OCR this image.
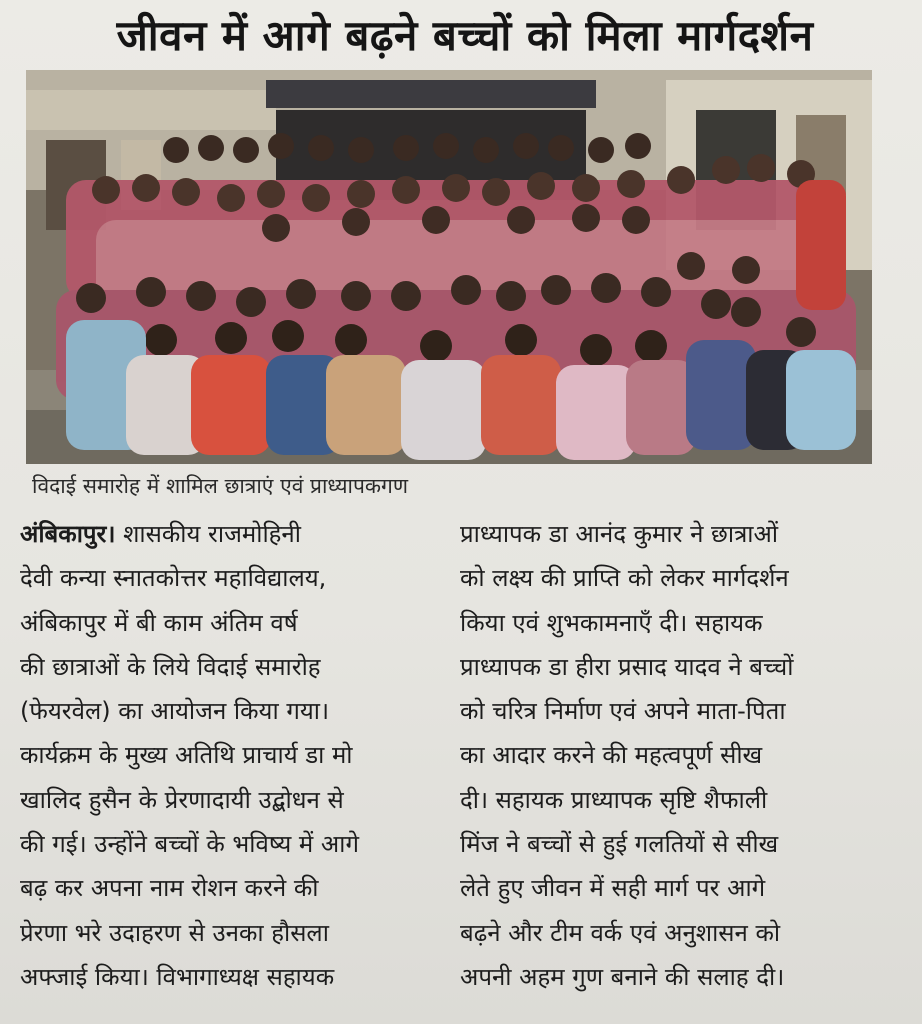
जीवन में आगे बढ़ने बच्चों को मिला मार्गदर्शन
विदाई समारोह में शामिल छात्राएं एवं प्राध्यापकगण
अंबिकापुर। शासकीय राजमोहिनी
देवी कन्या स्नातकोत्तर महाविद्यालय,
अंबिकापुर में बी काम अंतिम वर्ष
की छात्राओं के लिये विदाई समारोह
(फेयरवेल) का आयोजन किया गया।
कार्यक्रम के मुख्य अतिथि प्राचार्य डा मो
खालिद हुसैन के प्रेरणादायी उद्बोधन से
की गई। उन्होंने बच्चों के भविष्य में आगे
बढ़ कर अपना नाम रोशन करने की
प्रेरणा भरे उदाहरण से उनका हौसला
अफ्जाई किया। विभागाध्यक्ष सहायक
प्राध्यापक डा आनंद कुमार ने छात्राओं
को लक्ष्य की प्राप्ति को लेकर मार्गदर्शन
किया एवं शुभकामनाएँ दी। सहायक
प्राध्यापक डा हीरा प्रसाद यादव ने बच्चों
को चरित्र निर्माण एवं अपने माता-पिता
का आदार करने की महत्वपूर्ण सीख
दी। सहायक प्राध्यापक सृष्टि शैफाली
मिंज ने बच्चों से हुई गलतियों से सीख
लेते हुए जीवन में सही मार्ग पर आगे
बढ़ने और टीम वर्क एवं अनुशासन को
अपनी अहम गुण बनाने की सलाह दी।
